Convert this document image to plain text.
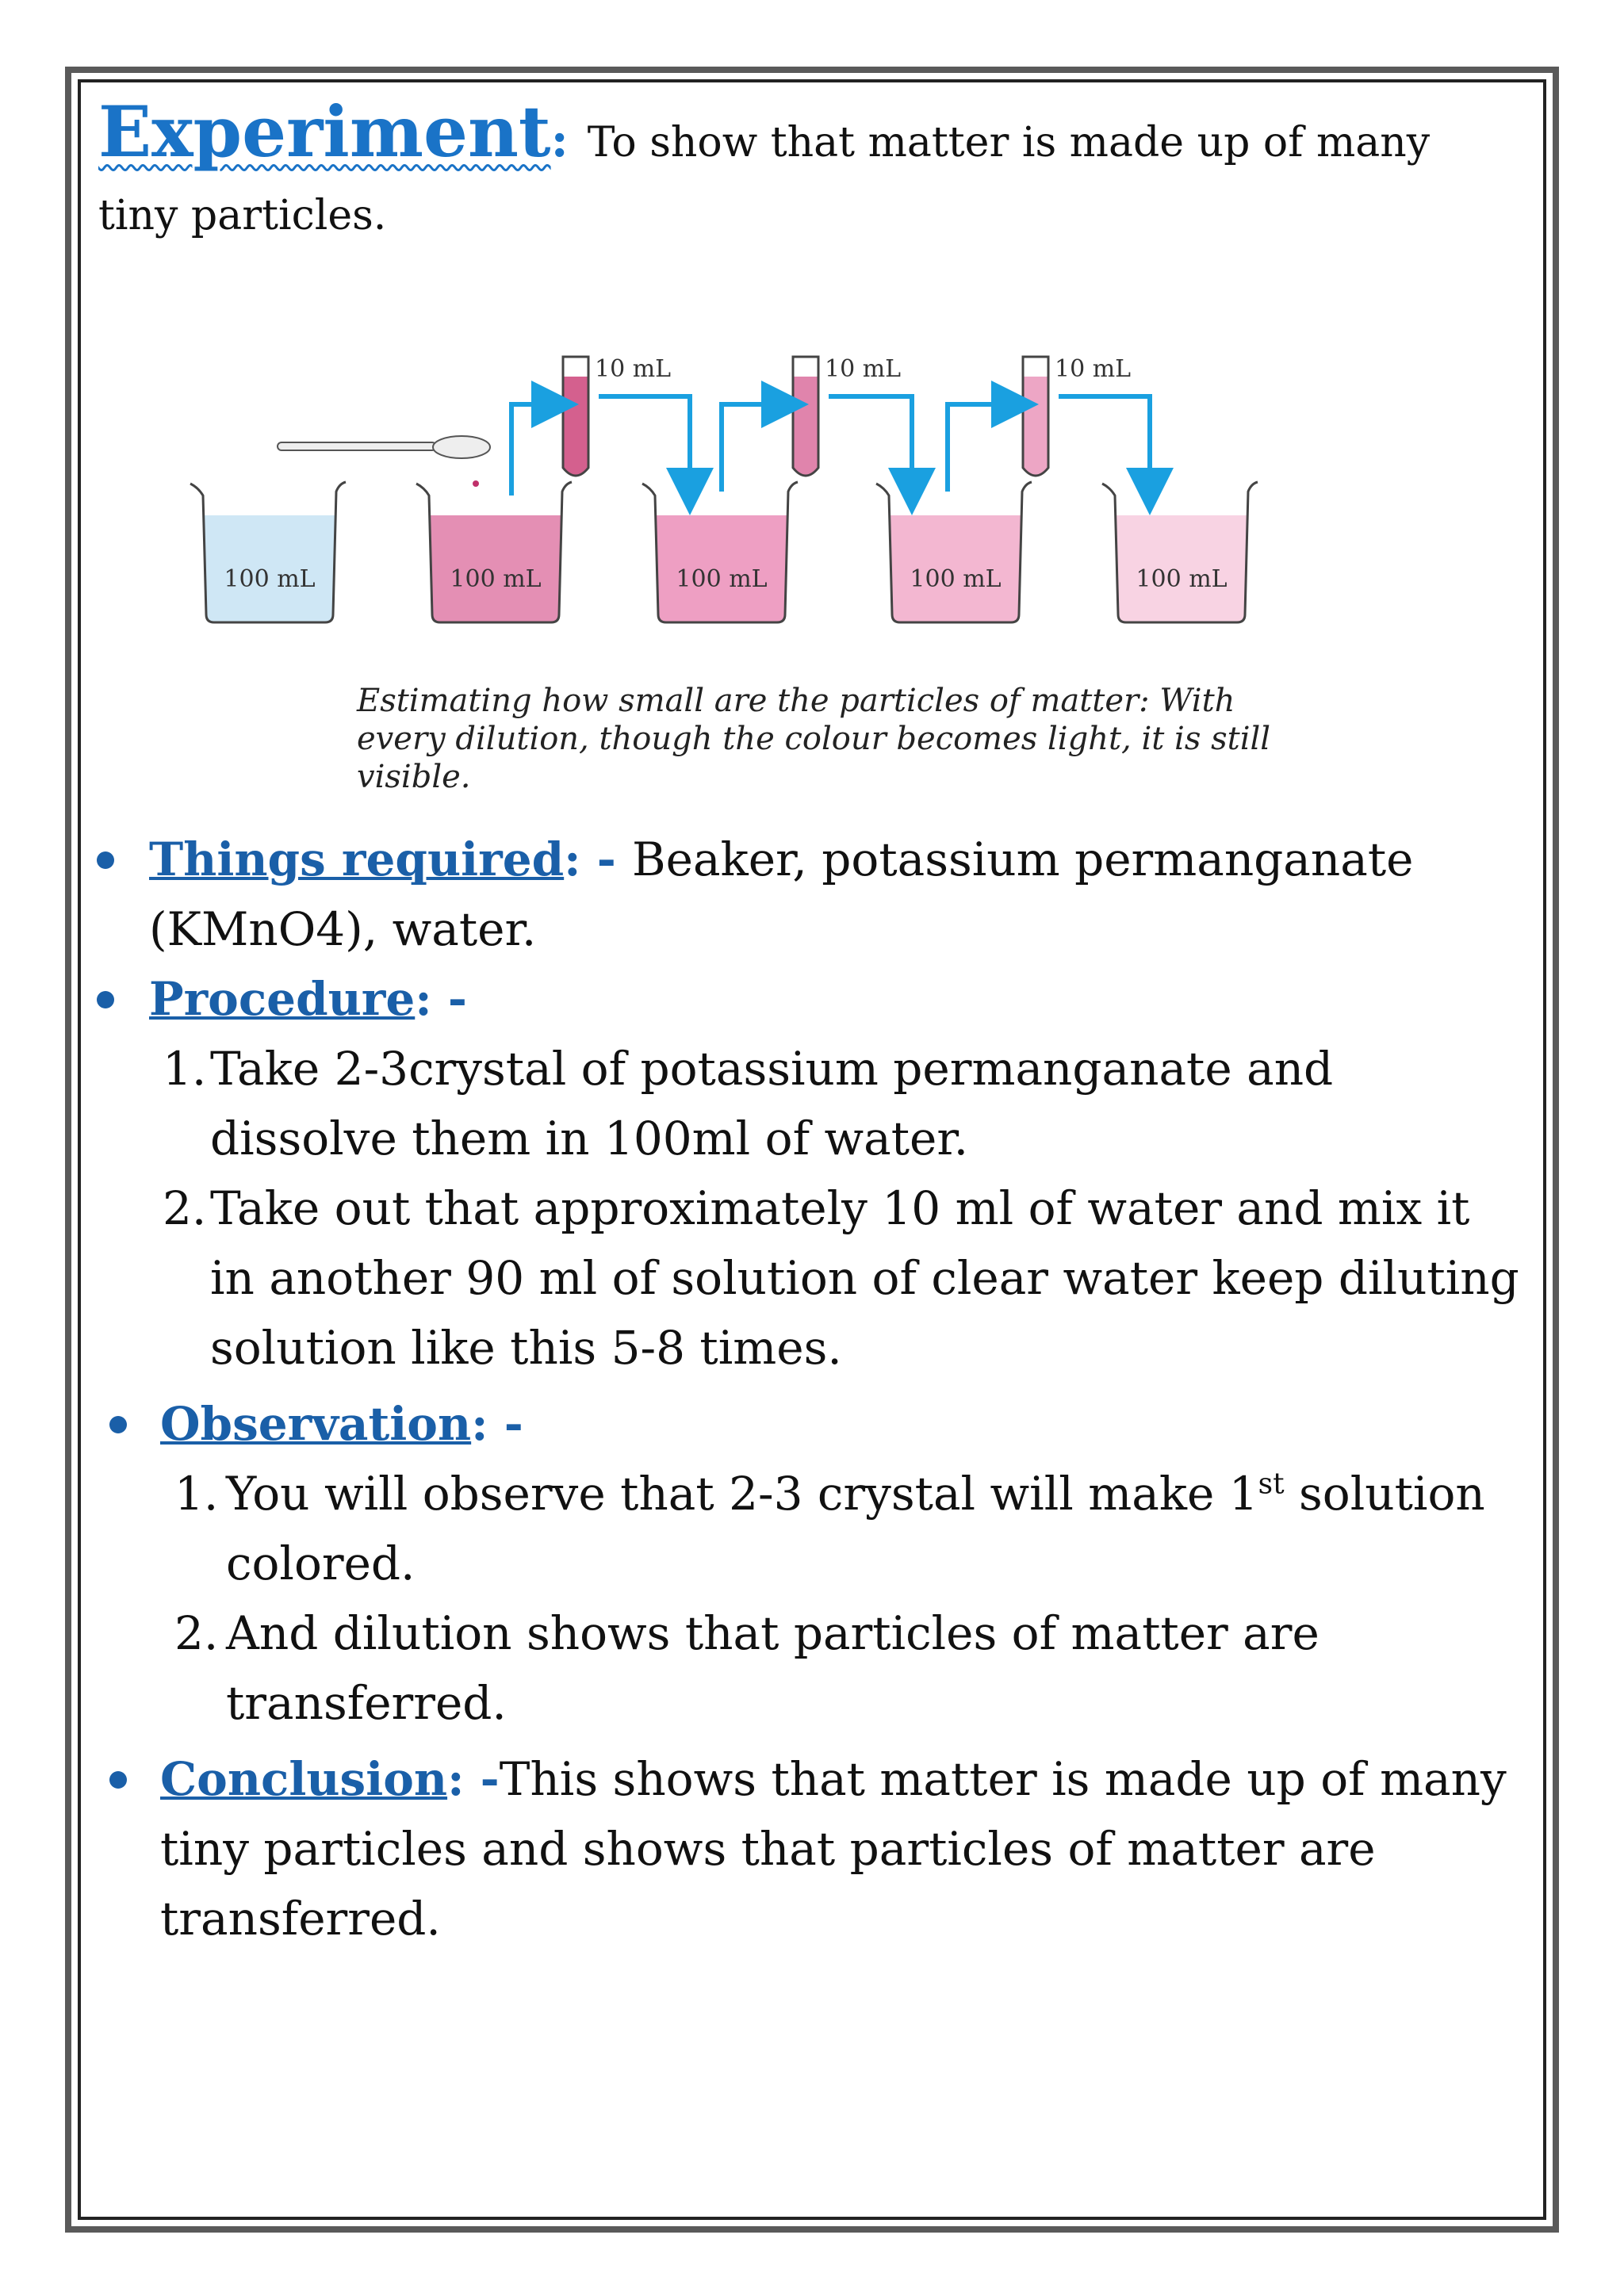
Experiment: To show that matter is made up of many tiny particles.
100 mL	100 mL	100 mL	100 mL	100 mL
10 mL	10 mL	10 mL
Estimating how small are the particles of matter: With every dilution, though the colour becomes light, it is still visible.
Things required: - Beaker, potassium permanganate (KMnO4), water.
Procedure: -
1. Take 2-3crystal of potassium permanganate and dissolve them in 100ml of water.
2. Take out that approximately 10 ml of water and mix it in another 90 ml of solution of clear water keep diluting solution like this 5-8 times.
Observation: -
1. You will observe that 2-3 crystal will make 1st solution colored.
2. And dilution shows that particles of matter are transferred.
Conclusion: -This shows that matter is made up of many tiny particles and shows that particles of matter are transferred.
